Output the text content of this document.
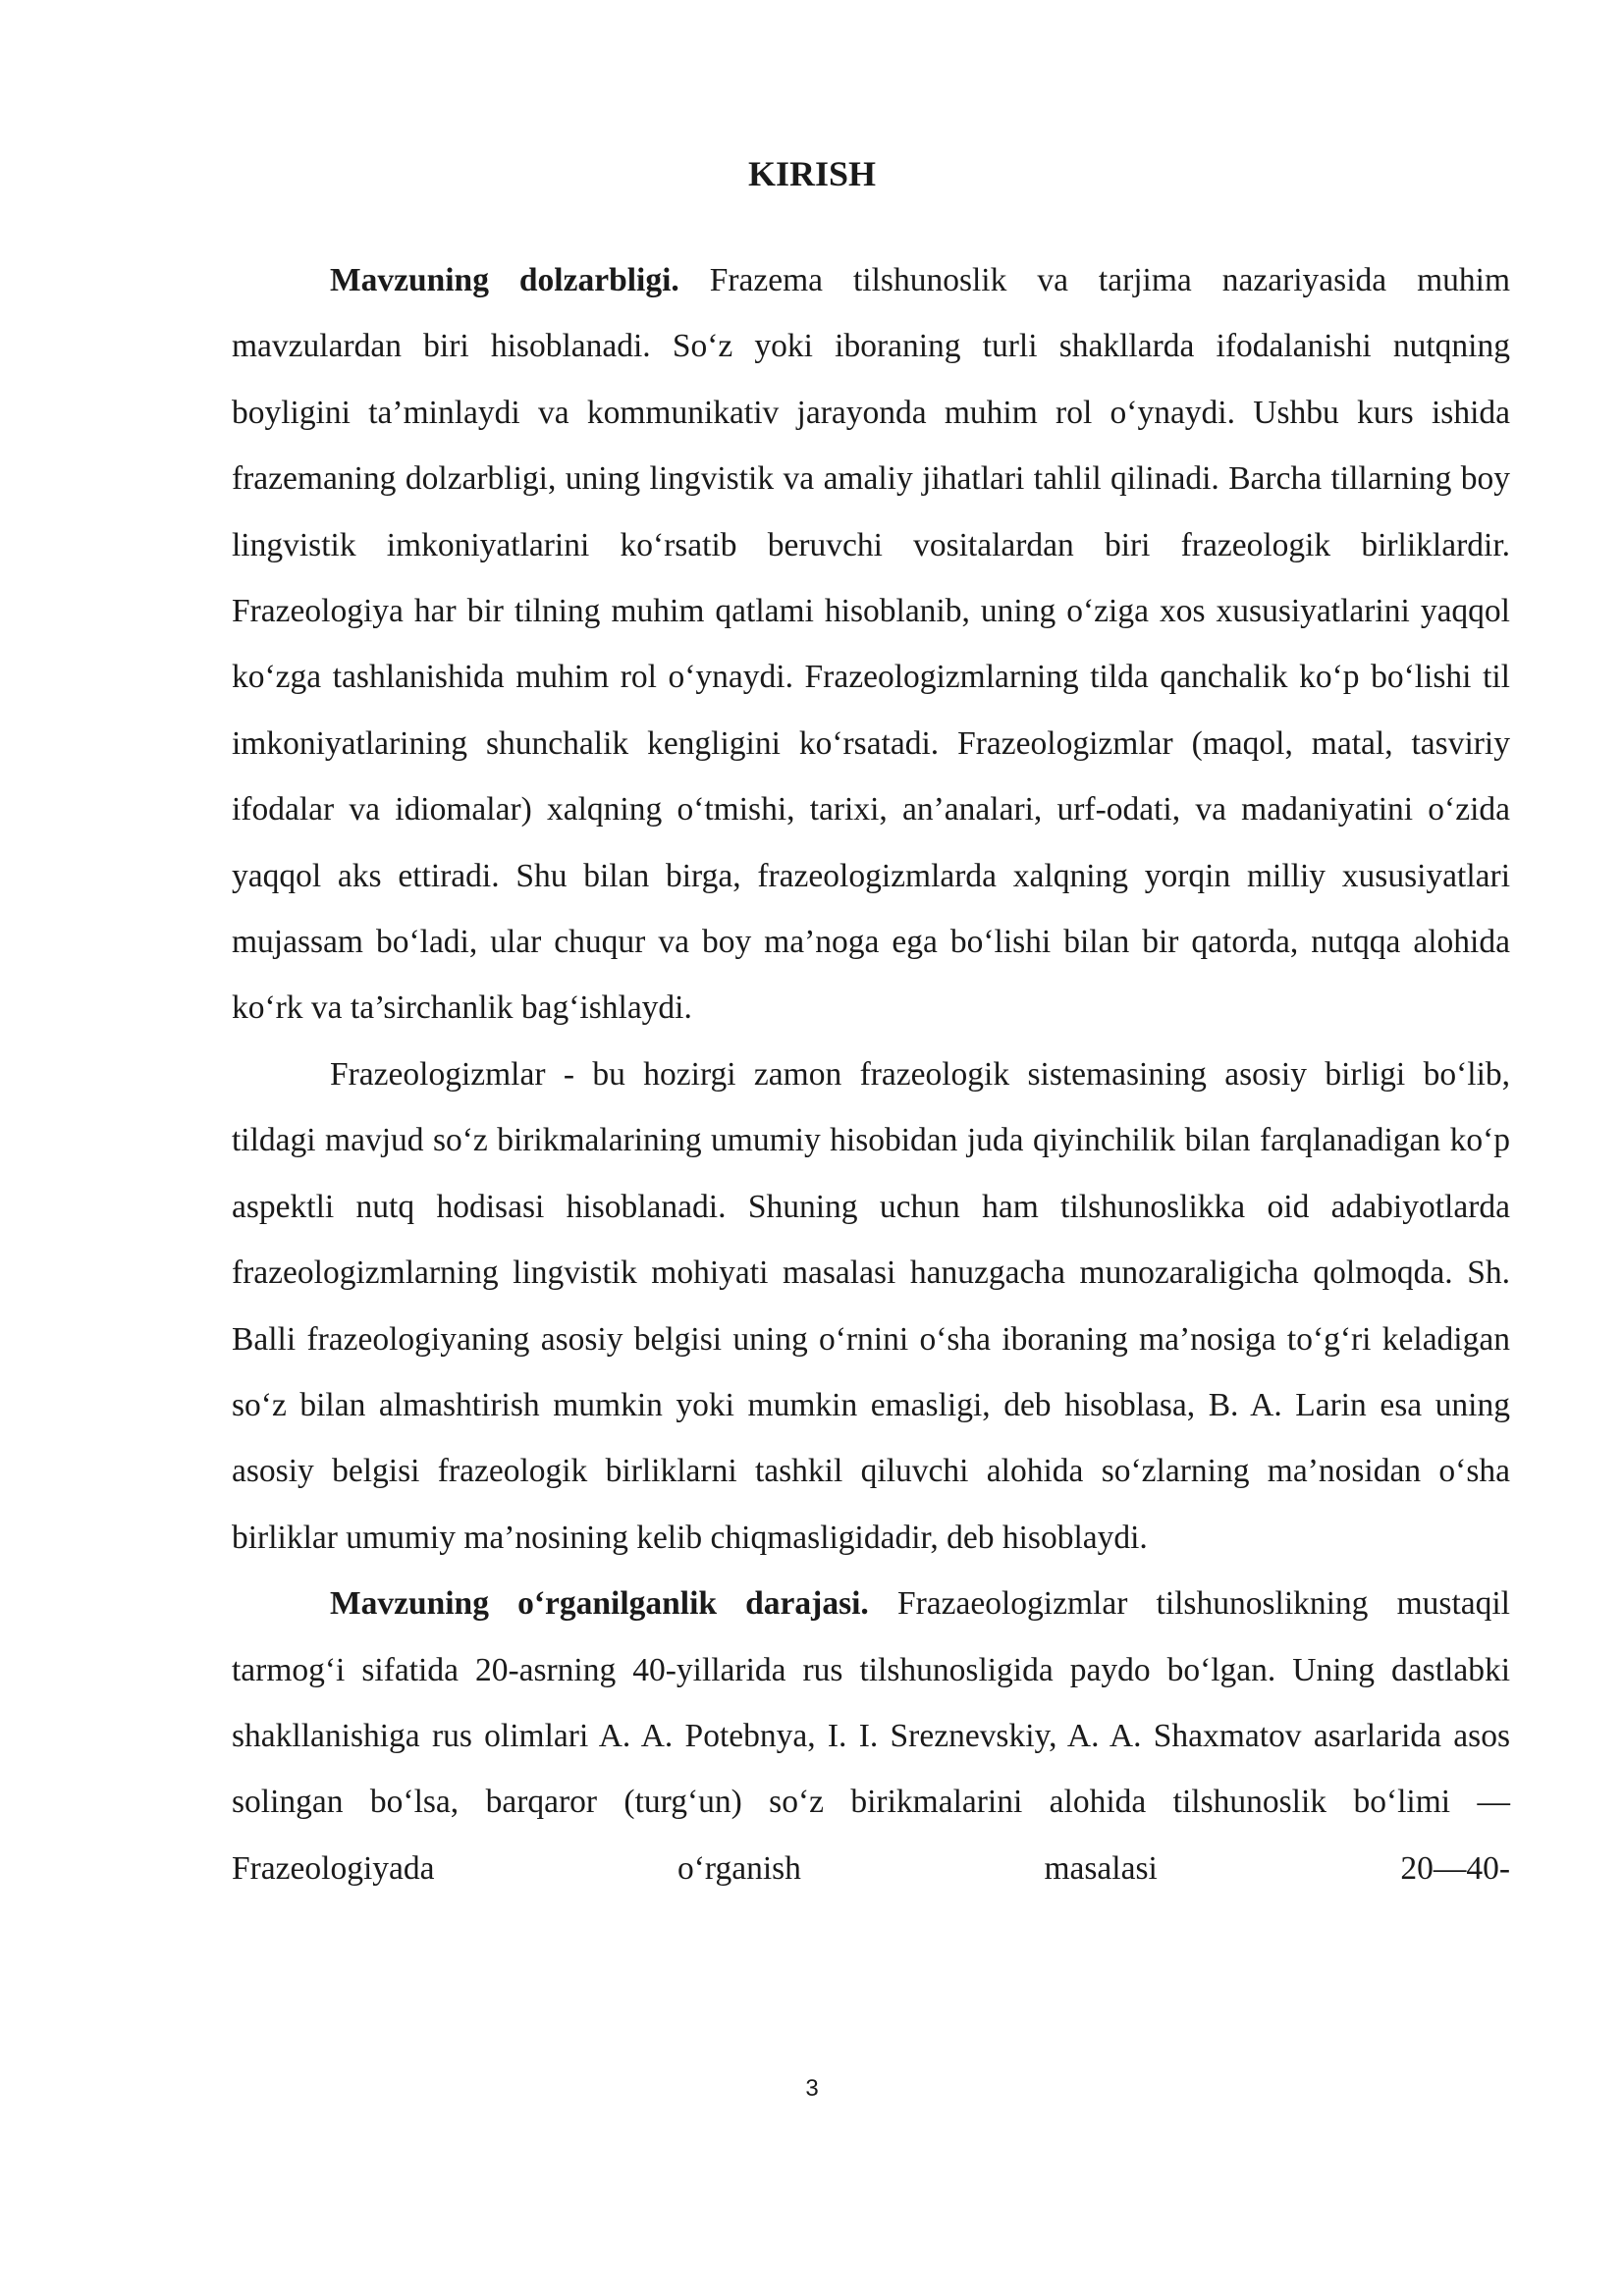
KIRISH

Mavzuning dolzarbligi. Frazema tilshunoslik va tarjima nazariyasida muhim mavzulardan biri hisoblanadi. So‘z yoki iboraning turli shakllarda ifodalanishi nutqning boyligini ta’minlaydi va kommunikativ jarayonda muhim rol o‘ynaydi. Ushbu kurs ishida frazemaning dolzarbligi, uning lingvistik va amaliy jihatlari tahlil qilinadi. Barcha tillarning boy lingvistik imkoniyatlarini ko‘rsatib beruvchi vositalardan biri frazeologik birliklardir. Frazeologiya har bir tilning muhim qatlami hisoblanib, uning o‘ziga xos xususiyatlarini yaqqol ko‘zga tashlanishida muhim rol o‘ynaydi. Frazeologizmlarning tilda qanchalik ko‘p bo‘lishi til imkoniyatlarining shunchalik kengligini ko‘rsatadi. Frazeologizmlar (maqol, matal, tasviriy ifodalar va idiomalar) xalqning o‘tmishi, tarixi, an’analari, urf-odati, va madaniyatini o‘zida yaqqol aks ettiradi. Shu bilan birga, frazeologizmlarda xalqning yorqin milliy xususiyatlari mujassam bo‘ladi, ular chuqur va boy ma’noga ega bo‘lishi bilan bir qatorda, nutqqa alohida ko‘rk va ta’sirchanlik bag‘ishlaydi.

Frazeologizmlar - bu hozirgi zamon frazeologik sistemasining asosiy birligi bo‘lib, tildagi mavjud so‘z birikmalarining umumiy hisobidan juda qiyinchilik bilan farqlanadigan ko‘p aspektli nutq hodisasi hisoblanadi. Shuning uchun ham tilshunoslikka oid adabiyotlarda frazeologizmlarning lingvistik mohiyati masalasi hanuzgacha munozaraligicha qolmoqda. Sh. Balli frazeologiyaning asosiy belgisi uning o‘rnini o‘sha iboraning ma’nosiga to‘g‘ri keladigan so‘z bilan almashtirish mumkin yoki mumkin emasligi, deb hisoblasa, B. A. Larin esa uning asosiy belgisi frazeologik birliklarni tashkil qiluvchi alohida so‘zlarning ma’nosidan o‘sha birliklar umumiy ma’nosining kelib chiqmasligidadir, deb hisoblaydi.

Mavzuning o‘rganilganlik darajasi. Frazaeologizmlar tilshunoslikning mustaqil tarmog‘i sifatida 20-asrning 40-yillarida rus tilshunosligida paydo bo‘lgan. Uning dastlabki shakllanishiga rus olimlari A. A. Potebnya, I. I. Sreznevskiy, A. A. Shaxmatov asarlarida asos solingan bo‘lsa, barqaror (turg‘un) so‘z birikmalarini alohida tilshunoslik bo‘limi — Frazeologiyada o‘rganish masalasi 20—40-

3
